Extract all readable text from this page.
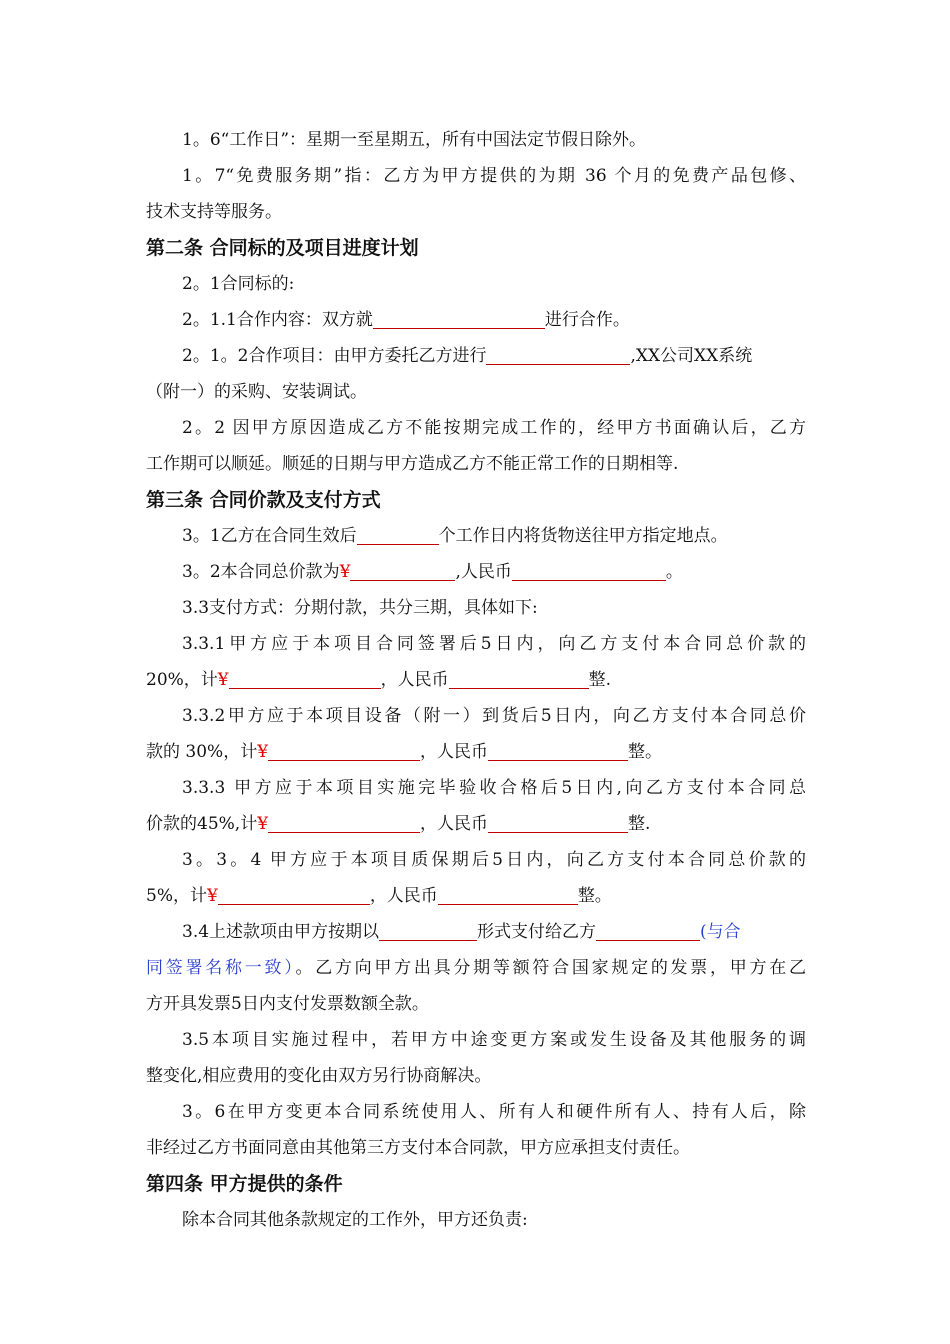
1。6“工作日”：星期一至星期五，所有中国法定节假日除外。
1。7“免费服务期”指：乙方为甲方提供的为期 36 个月的免费产品包修、
技术支持等服务。
第二条 合同标的及项目进度计划
2。1合同标的:
2。1.1合作内容：双方就	进行合作。
2。1。2合作项目：由甲方委托乙方进行	,XX公司XX系统
（附一）的采购、安装调试。
2。2 因甲方原因造成乙方不能按期完成工作的，经甲方书面确认后，乙方
工作期可以顺延。顺延的日期与甲方造成乙方不能正常工作的日期相等.
第三条 合同价款及支付方式
3。1乙方在合同生效后	个工作日内将货物送往甲方指定地点。
3。2本合同总价款为¥	,人民币	。
3.3支付方式：分期付款，共分三期，具体如下:
3.3.1甲方应于本项目合同签署后5日内，向乙方支付本合同总价款的
20%，计¥	，人民币	整.
3.3.2甲方应于本项目设备（附一）到货后5日内，向乙方支付本合同总价
款的 30%，计¥	，人民币	整。
3.3.3 甲方应于本项目实施完毕验收合格后5日内,向乙方支付本合同总
价款的45%,计¥	，人民币	整.
3。3。4 甲方应于本项目质保期后5日内，向乙方支付本合同总价款的
5%，计¥	，人民币	整。
3.4上述款项由甲方按期以	形式支付给乙方	(与合
同签署名称一致）。乙方向甲方出具分期等额符合国家规定的发票，甲方在乙
方开具发票5日内支付发票数额全款。
3.5本项目实施过程中，若甲方中途变更方案或发生设备及其他服务的调
整变化,相应费用的变化由双方另行协商解决。
3。6在甲方变更本合同系统使用人、所有人和硬件所有人、持有人后，除
非经过乙方书面同意由其他第三方支付本合同款，甲方应承担支付责任。
第四条 甲方提供的条件
除本合同其他条款规定的工作外，甲方还负责:
